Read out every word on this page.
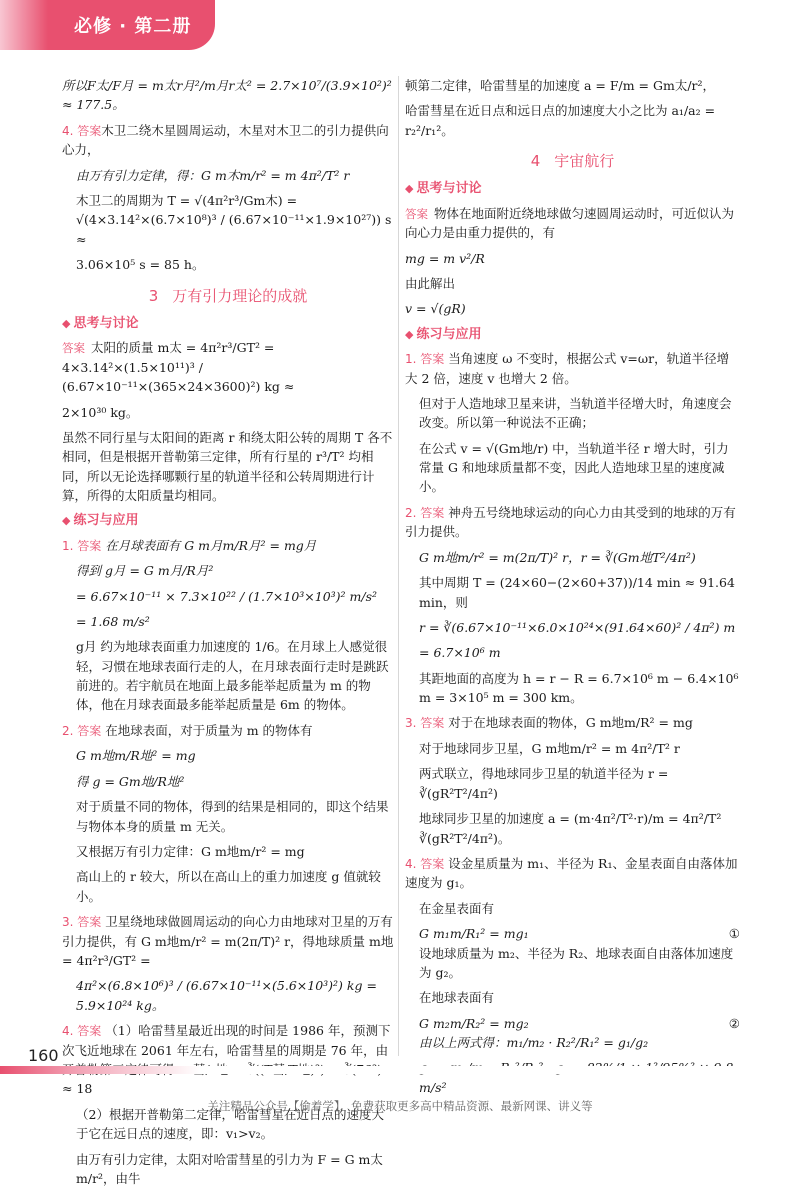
必修 · 第二册

所以F太/F月 = m太r月²/m月r太² = 2.7×10⁷/(3.9×10²)² ≈ 177.5。

4. 答案木卫二绕木星圆周运动，木星对木卫二的引力提供向心力，

由万有引力定律，得：G m木m/r² = m 4π²/T² r

木卫二的周期为 T = √(4π²r³/Gm木) = √(4×3.14²×(6.7×10⁸)³ / (6.67×10⁻¹¹×1.9×10²⁷)) s ≈

3.06×10⁵ s = 85 h。

3 万有引力理论的成就
◆ 思考与讨论

答案 太阳的质量 m太 = 4π²r³/GT² = 4×3.14²×(1.5×10¹¹)³ / (6.67×10⁻¹¹×(365×24×3600)²) kg ≈

2×10³⁰ kg。

虽然不同行星与太阳间的距离 r 和绕太阳公转的周期 T 各不相同，但是根据开普勒第三定律，所有行星的 r³/T² 均相同，所以无论选择哪颗行星的轨道半径和公转周期进行计算，所得的太阳质量均相同。

◆ 练习与应用

1. 答案 在月球表面有 G m月m/R月² = mg月

得到 g月 = G m月/R月²

= 6.67×10⁻¹¹ × 7.3×10²² / (1.7×10³×10³)² m/s²

= 1.68 m/s²

g月 约为地球表面重力加速度的 1/6。在月球上人感觉很轻，习惯在地球表面行走的人，在月球表面行走时是跳跃前进的。若宇航员在地面上最多能举起质量为 m 的物体，他在月球表面最多能举起质量是 6m 的物体。

2. 答案 在地球表面，对于质量为 m 的物体有

G m地m/R地² = mg

得 g = Gm地/R地²

对于质量不同的物体，得到的结果是相同的，即这个结果与物体本身的质量 m 无关。

又根据万有引力定律：G m地m/r² = mg

高山上的 r 较大，所以在高山上的重力加速度 g 值就较小。

3. 答案 卫星绕地球做圆周运动的向心力由地球对卫星的万有引力提供，有 G m地m/r² = m(2π/T)² r，得地球质量 m地 = 4π²r³/GT² =

4π²×(6.8×10⁶)³ / (6.67×10⁻¹¹×(5.6×10³)²) kg = 5.9×10²⁴ kg。

4. 答案 （1）哈雷彗星最近出现的时间是 1986 年，预测下次飞近地球在 2061 年左右，哈雷彗星的周期是 76 年，由 ≈ 18

（2）根据开普勒第二定律，哈雷彗星在近日点的速度大于它在远日点的速度，即：v₁>v₂。

由万有引力定律，太阳对哈雷彗星的引力为 F = G m太m/r²，由牛

顿第二定律，哈雷彗星的加速度 a = F/m = Gm太/r²，

哈雷彗星在近日点和远日点的加速度大小之比为 a₁/a₂ = r₂²/r₁²。

4 宇宙航行
◆ 思考与讨论

答案 物体在地面附近绕地球做匀速圆周运动时，可近似认为向心力是由重力提供的，有

mg = m v²/R

由此解出

v = √(gR)

◆ 练习与应用

1. 答案 当角速度 ω 不变时，根据公式 v=ωr，轨道半径增大 2 倍，速度 v 也增大 2 倍。

但对于人造地球卫星来讲，当轨道半径增大时，角速度会改变。所以第一种说法不正确；

在公式 v = √(Gm地/r) 中，当轨道半径 r 增大时，引力常量 G 和地球质量都不变，因此人造地球卫星的速度减小。

2. 答案 神舟五号绕地球运动的向心力由其受到的地球的万有引力提供。

G m地m/r² = m(2π/T)² r，r = ∛(Gm地T²/4π²)

其中周期 T = (24×60−(2×60+37))/14 min ≈ 91.64 min，则

r = ∛(6.67×10⁻¹¹×6.0×10²⁴×(91.64×60)² / 4π²) m

= 6.7×10⁶ m

其距地面的高度为 h = r − R = 6.7×10⁶ m − 6.4×10⁶ m = 3×10⁵ m = 300 km。

3. 答案 对于在地球表面的物体，G m地m/R² = mg

对于地球同步卫星，G m地m/r² = m 4π²/T² r

两式联立，得地球同步卫星的轨道半径为 r = ∛(gR²T²/4π²)

地球同步卫星的加速度 a = (m·4π²/T²·r)/m = 4π²/T² ∛(gR²T²/4π²)。

4. 答案 设金星质量为 m₁、半径为 R₁、金星表面自由落体加速度为 g₁。

在金星表面有

G m₁m/R₁² = mg₁	①

设地球质量为 m₂、半径为 R₂、地球表面自由落体加速度为 g₂。

在地球表面有

G m₂m/R₂² = mg₂	②

由以上两式得：m₁/m₂ · R₂²/R₁² = g₁/g₂

m/s²

160
关注精品公众号【偷着学】，免费获取更多高中精品资源、最新网课、讲义等
